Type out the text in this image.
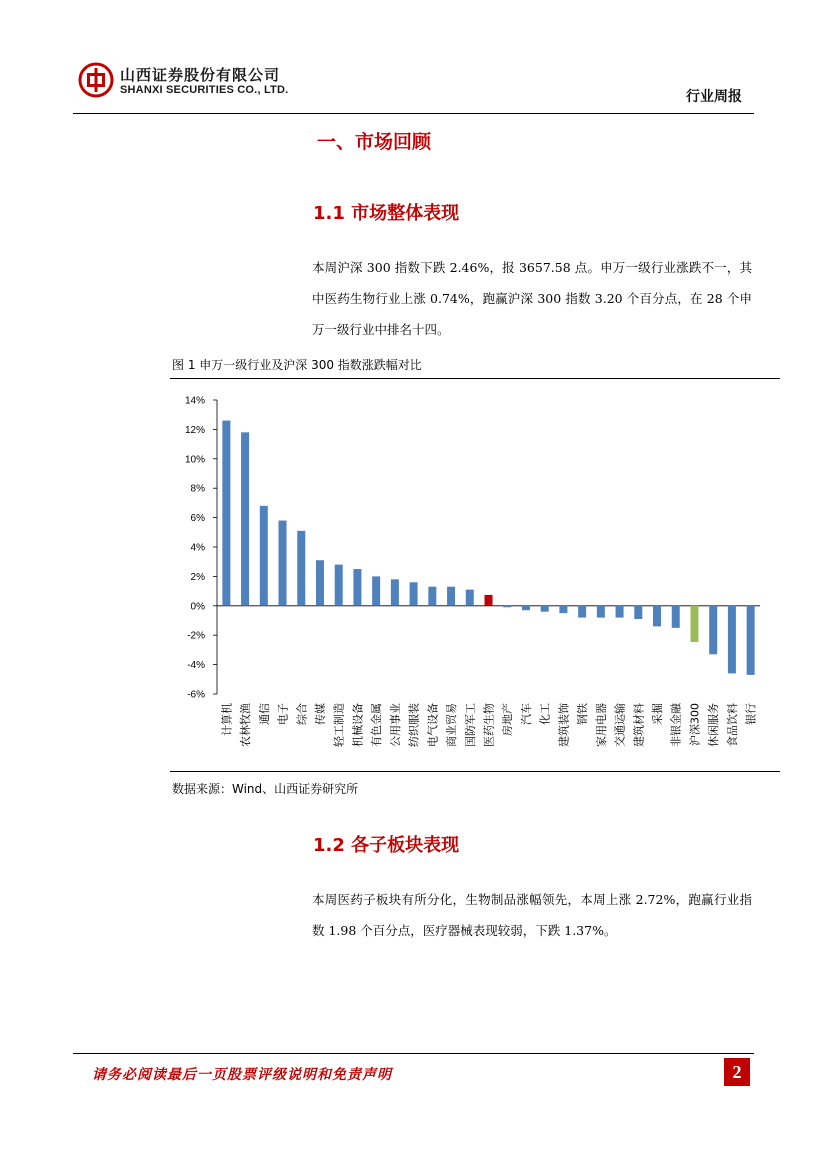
山西证券股份有限公司
SHANXI SECURITIES CO., LTD.	行业周报
一、市场回顾
1.1 市场整体表现
本周沪深 300 指数下跌 2.46%，报 3657.58 点。申万一级行业涨跌不一，其中医药生物行业上涨 0.74%，跑赢沪深 300 指数 3.20 个百分点，在 28 个申万一级行业中排名十四。
图 1 申万一级行业及沪深 300 指数涨跌幅对比
14%
12%
10%
8%
6%
4%
2%
0%
-2%
-4%
-6%
计算机 农林牧渔 通信 电子 综合 传媒 轻工制造 机械设备 有色金属 公用事业 纺织服装 电气设备 商业贸易 国防军工 医药生物 房地产 汽车 化工 建筑装饰 钢铁 家用电器 交通运输 建筑材料 采掘 非银金融 沪深300 休闲服务 食品饮料 银行
数据来源：Wind、山西证券研究所
1.2 各子板块表现
本周医药子板块有所分化，生物制品涨幅领先，本周上涨 2.72%，跑赢行业指数 1.98 个百分点，医疗器械表现较弱，下跌 1.37%。
请务必阅读最后一页股票评级说明和免责声明	2
